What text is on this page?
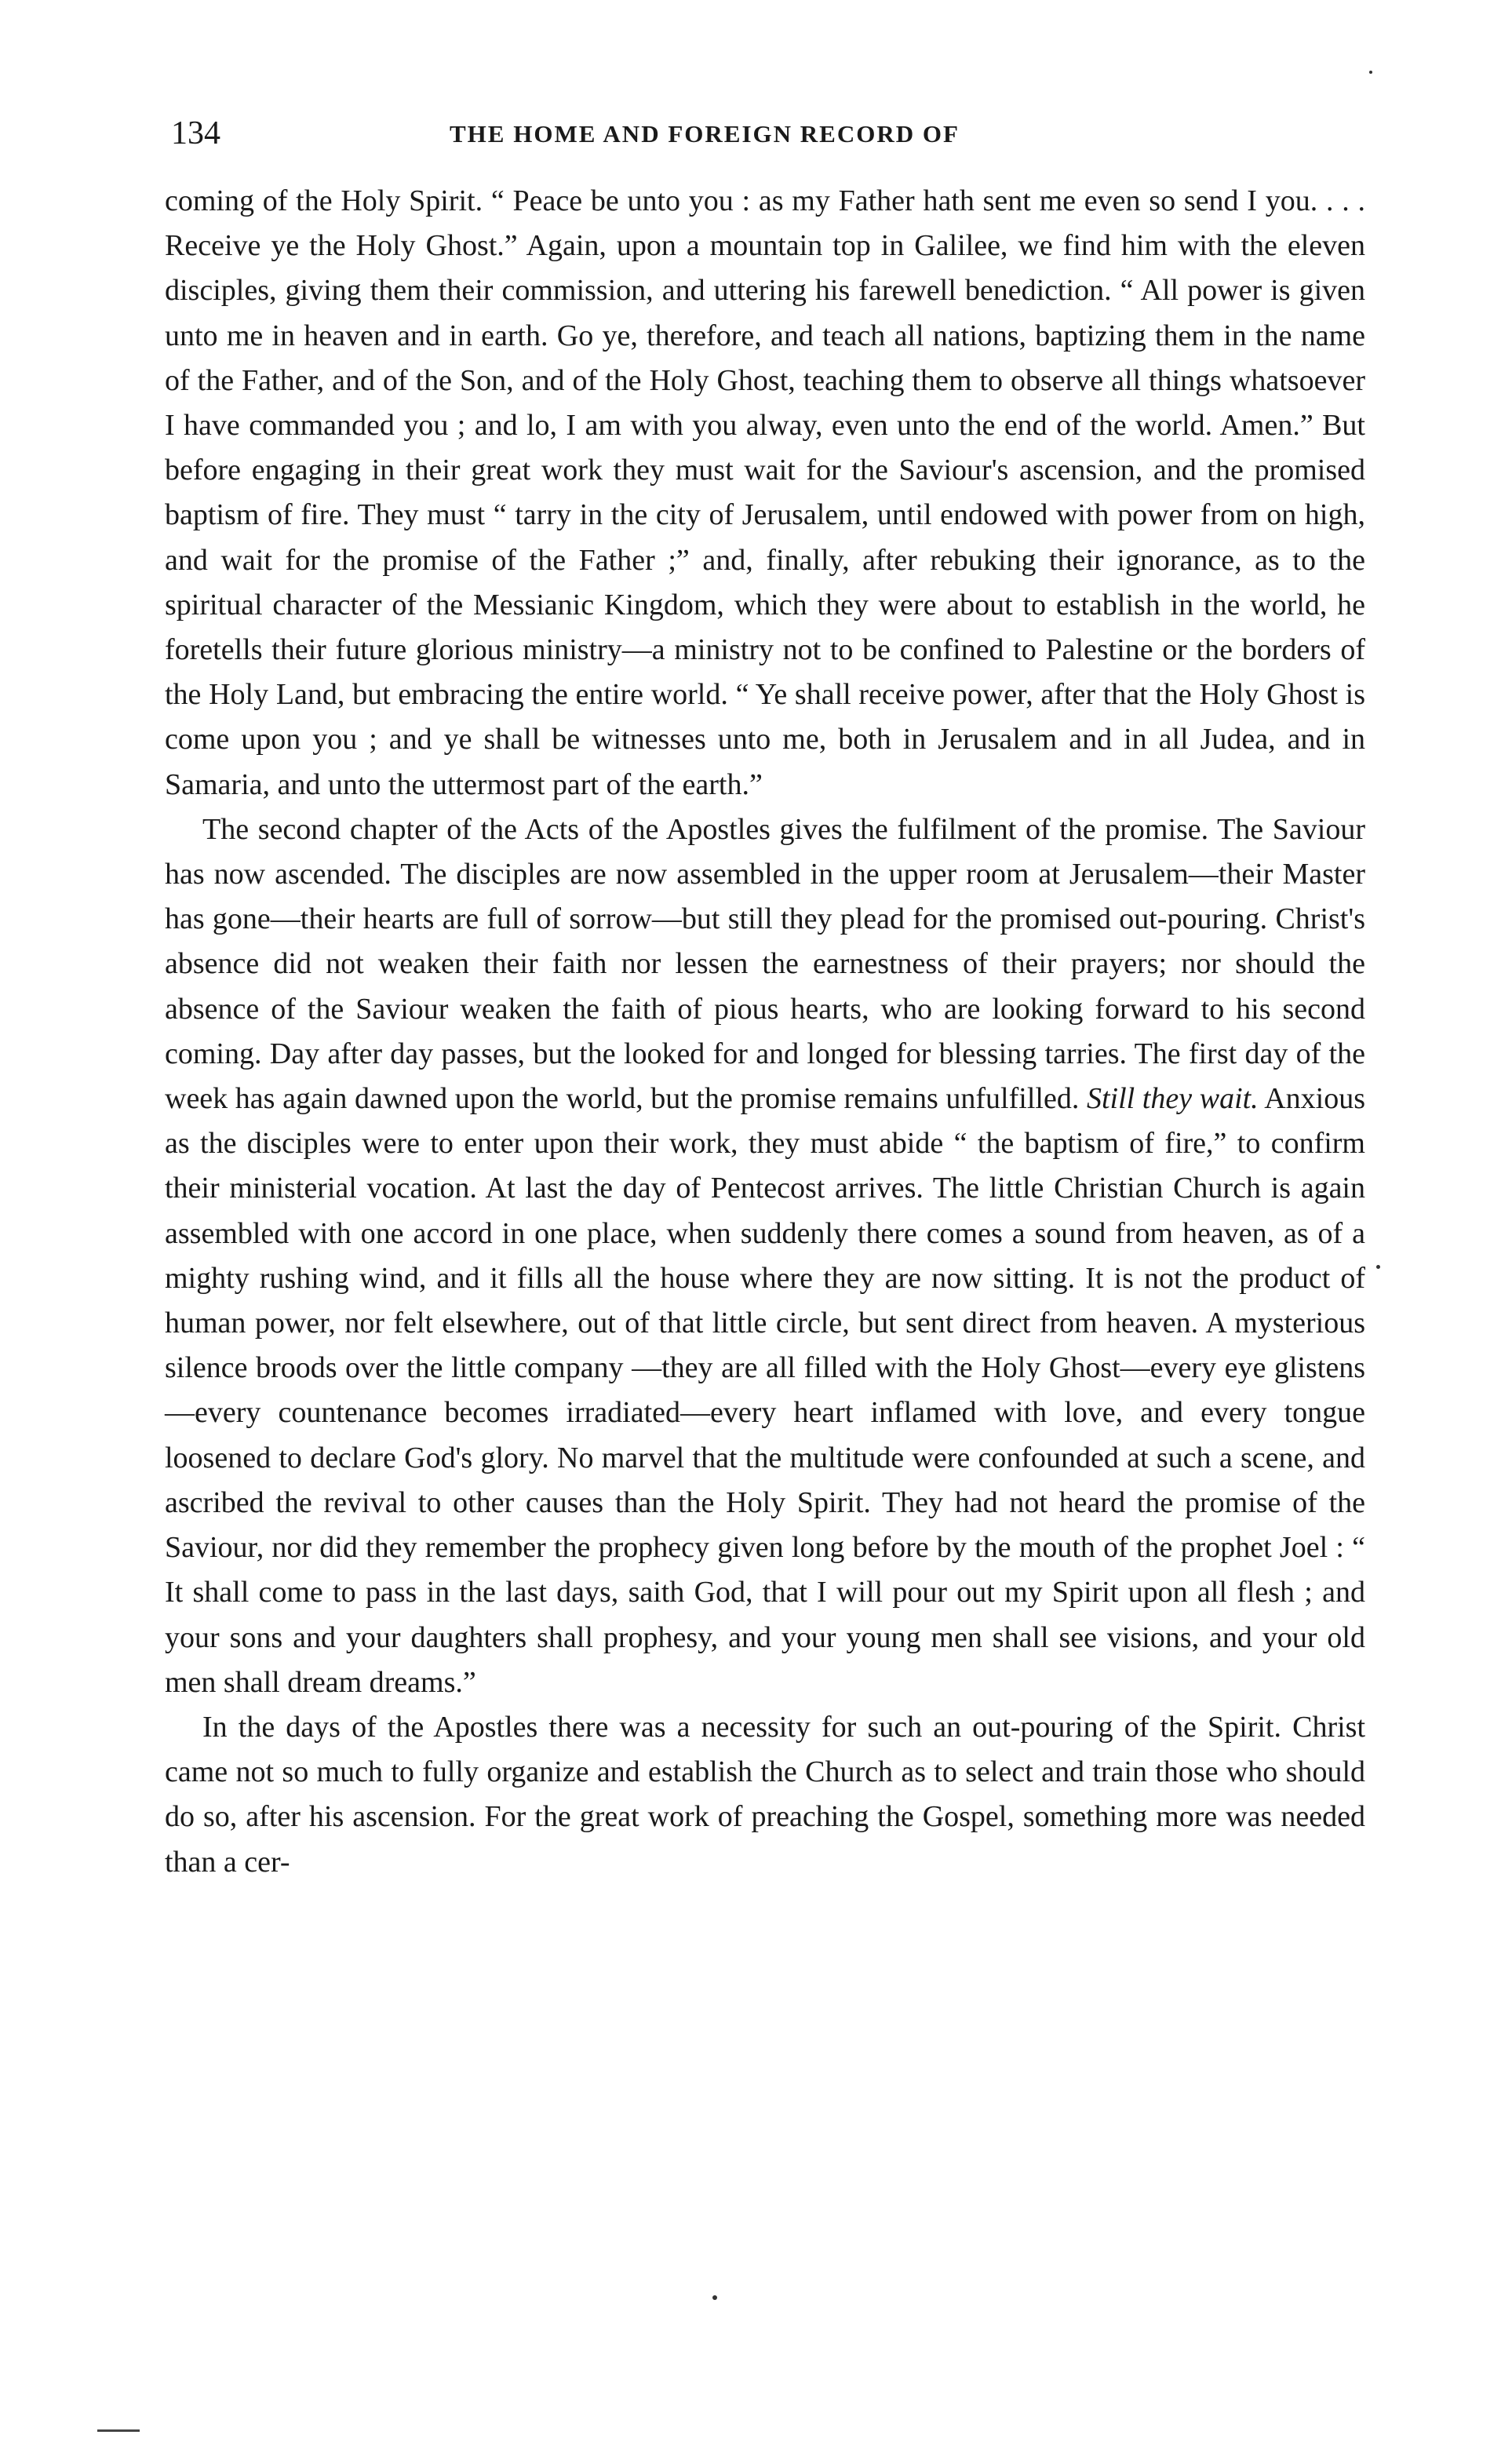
134	THE HOME AND FOREIGN RECORD OF

coming of the Holy Spirit. “ Peace be unto you : as my Father hath sent me even so send I you. . . . Receive ye the Holy Ghost.” Again, upon a mountain top in Galilee, we find him with the eleven disciples, giving them their commission, and uttering his farewell benediction. “ All power is given unto me in heaven and in earth. Go ye, therefore, and teach all nations, baptizing them in the name of the Father, and of the Son, and of the Holy Ghost, teaching them to observe all things whatsoever I have commanded you ; and lo, I am with you alway, even unto the end of the world. Amen.” But before engaging in their great work they must wait for the Saviour's ascension, and the promised baptism of fire. They must “ tarry in the city of Jerusalem, until endowed with power from on high, and wait for the promise of the Father ;” and, finally, after rebuking their ignorance, as to the spiritual character of the Messianic Kingdom, which they were about to establish in the world, he foretells their future glorious ministry—a ministry not to be confined to Palestine or the borders of the Holy Land, but embracing the entire world. “ Ye shall receive power, after that the Holy Ghost is come upon you ; and ye shall be witnesses unto me, both in Jerusalem and in all Judea, and in Samaria, and unto the uttermost part of the earth.”

The second chapter of the Acts of the Apostles gives the fulfilment of the promise. The Saviour has now ascended. The disciples are now assembled in the upper room at Jerusalem—their Master has gone—their hearts are full of sorrow—but still they plead for the promised out-pouring. Christ's absence did not weaken their faith nor lessen the earnestness of their prayers; nor should the absence of the Saviour weaken the faith of pious hearts, who are looking forward to his second coming. Day after day passes, but the looked for and longed for blessing tarries. The first day of the week has again dawned upon the world, but the promise remains unfulfilled. Still they wait. Anxious as the disciples were to enter upon their work, they must abide “ the baptism of fire,” to confirm their ministerial vocation. At last the day of Pentecost arrives. The little Christian Church is again assembled with one accord in one place, when suddenly there comes a sound from heaven, as of a mighty rushing wind, and it fills all the house where they are now sitting. It is not the product of human power, nor felt elsewhere, out of that little circle, but sent direct from heaven. A mysterious silence broods over the little company —they are all filled with the Holy Ghost—every eye glistens—every countenance becomes irradiated—every heart inflamed with love, and every tongue loosened to declare God's glory. No marvel that the multitude were confounded at such a scene, and ascribed the revival to other causes than the Holy Spirit. They had not heard the promise of the Saviour, nor did they remember the prophecy given long before by the mouth of the prophet Joel : “ It shall come to pass in the last days, saith God, that I will pour out my Spirit upon all flesh ; and your sons and your daughters shall prophesy, and your young men shall see visions, and your old men shall dream dreams.”

In the days of the Apostles there was a necessity for such an out-pouring of the Spirit. Christ came not so much to fully organize and establish the Church as to select and train those who should do so, after his ascension. For the great work of preaching the Gospel, something more was needed than a cer-
